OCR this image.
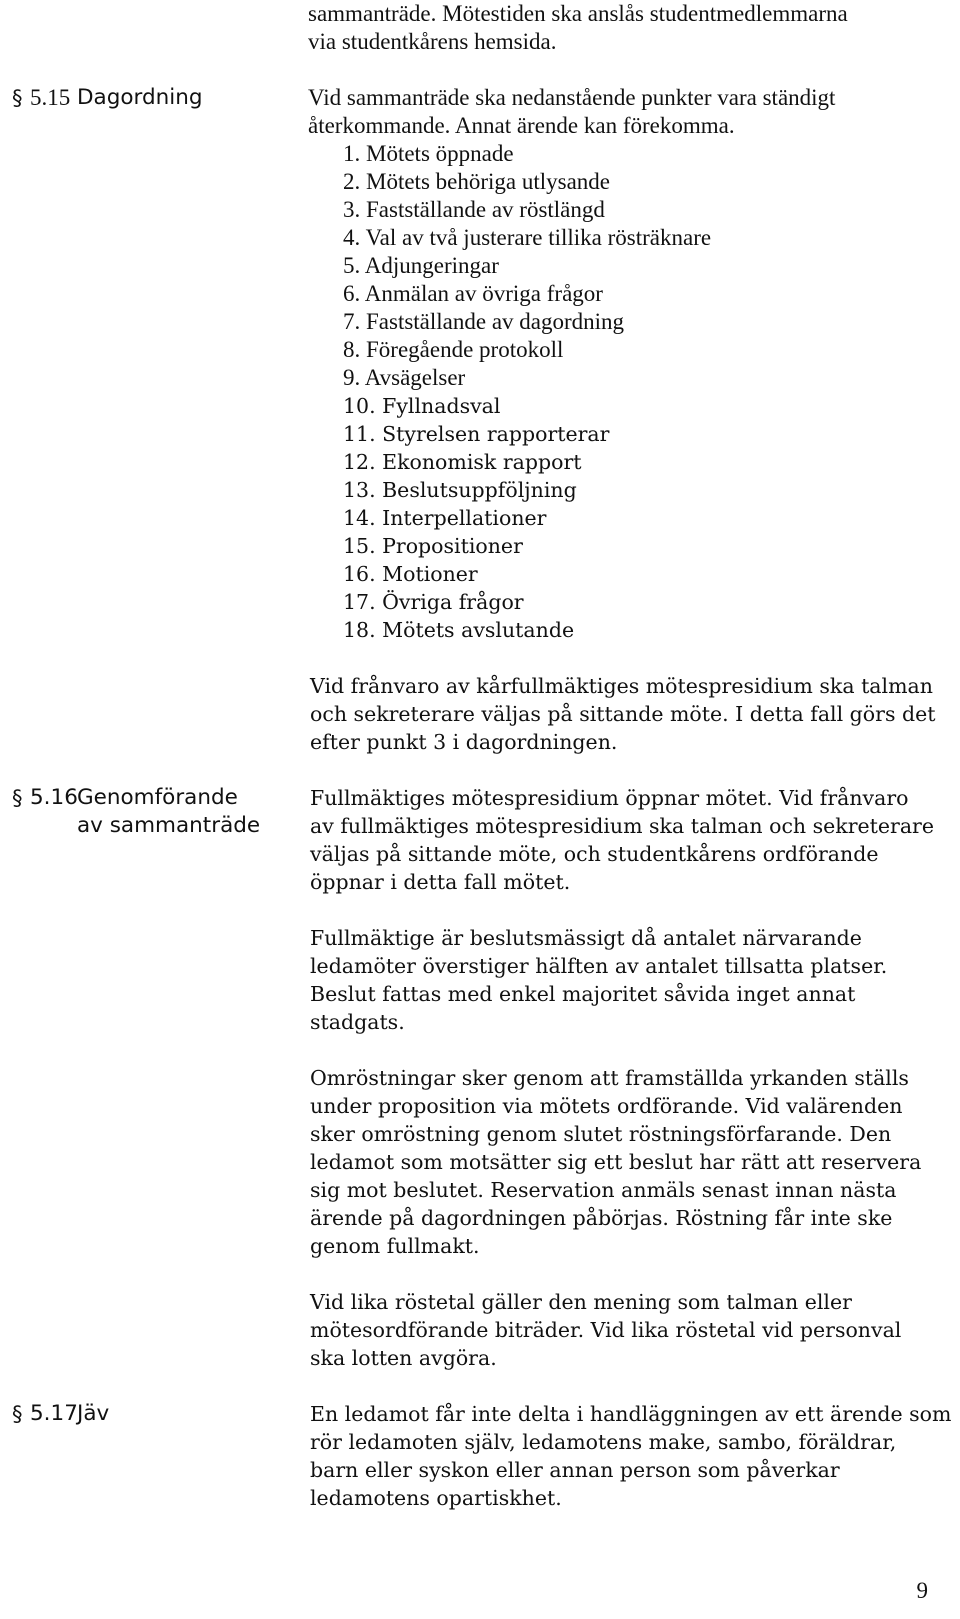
sammanträde. Mötestiden ska anslås studentmedlemmarna
via studentkårens hemsida.
§ 5.15 Dagordning	Vid sammanträde ska nedanstående punkter vara ständigt
återkommande. Annat ärende kan förekomma.
1. Mötets öppnade
2. Mötets behöriga utlysande
3. Fastställande av röstlängd
4. Val av två justerare tillika rösträknare
5. Adjungeringar
6. Anmälan av övriga frågor
7. Fastställande av dagordning
8. Föregående protokoll
9. Avsägelser
10. Fyllnadsval
11. Styrelsen rapporterar
12. Ekonomisk rapport
13. Beslutsuppföljning
14. Interpellationer
15. Propositioner
16. Motioner
17. Övriga frågor
18. Mötets avslutande
Vid frånvaro av kårfullmäktiges mötespresidium ska talman
och sekreterare väljas på sittande möte. I detta fall görs det
efter punkt 3 i dagordningen.
§ 5.16 Genomförande
av sammanträde
Fullmäktiges mötespresidium öppnar mötet. Vid frånvaro
av fullmäktiges mötespresidium ska talman och sekreterare
väljas på sittande möte, och studentkårens ordförande
öppnar i detta fall mötet.
Fullmäktige är beslutsmässigt då antalet närvarande
ledamöter överstiger hälften av antalet tillsatta platser.
Beslut fattas med enkel majoritet såvida inget annat
stadgats.
Omröstningar sker genom att framställda yrkanden ställs
under proposition via mötets ordförande. Vid valärenden
sker omröstning genom slutet röstningsförfarande. Den
ledamot som motsätter sig ett beslut har rätt att reservera
sig mot beslutet. Reservation anmäls senast innan nästa
ärende på dagordningen påbörjas. Röstning får inte ske
genom fullmakt.
Vid lika röstetal gäller den mening som talman eller
mötesordförande biträder. Vid lika röstetal vid personval
ska lotten avgöra.
§ 5.17 Jäv	En ledamot får inte delta i handläggningen av ett ärende som
rör ledamoten själv, ledamotens make, sambo, föräldrar,
barn eller syskon eller annan person som påverkar
ledamotens opartiskhet.
9
